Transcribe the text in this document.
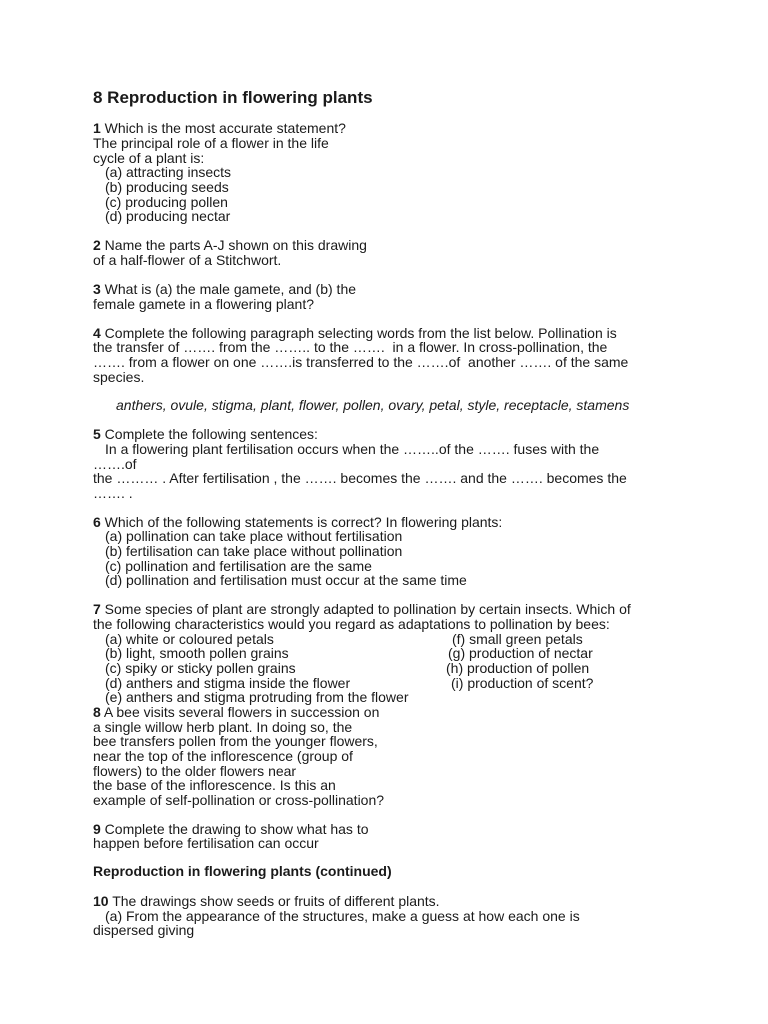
8 Reproduction in flowering plants
1 Which is the most accurate statement?
The principal role of a flower in the life
cycle of a plant is:
(a) attracting insects
(b) producing seeds
(c) producing pollen
(d) producing nectar
2 Name the parts A-J shown on this drawing
of a half-flower of a Stitchwort.
3 What is (a) the male gamete, and (b) the
female gamete in a flowering plant?
4 Complete the following paragraph selecting words from the list below. Pollination is
the transfer of ……. from the …….. to the …….  in a flower. In cross-pollination, the
……. from a flower on one …….is transferred to the …….of  another ……. of the same
species.
anthers, ovule, stigma, plant, flower, pollen, ovary, petal, style, receptacle, stamens
5 Complete the following sentences:
In a flowering plant fertilisation occurs when the ……..of the ……. fuses with the
…….of
the ……… . After fertilisation , the ……. becomes the ……. and the ……. becomes the
……. .
6 Which of the following statements is correct? In flowering plants:
(a) pollination can take place without fertilisation
(b) fertilisation can take place without pollination
(c) pollination and fertilisation are the same
(d) pollination and fertilisation must occur at the same time
7 Some species of plant are strongly adapted to pollination by certain insects. Which of
the following characteristics would you regard as adaptations to pollination by bees:
(a) white or coloured petals
(b) light, smooth pollen grains
(c) spiky or sticky pollen grains
(d) anthers and stigma inside the flower
(e) anthers and stigma protruding from the flower
(f) small green petals
(g) production of nectar
(h) production of pollen
(i) production of scent?
8 A bee visits several flowers in succession on
a single willow herb plant. In doing so, the
bee transfers pollen from the younger flowers,
near the top of the inflorescence (group of
flowers) to the older flowers near
the base of the inflorescence. Is this an
example of self-pollination or cross-pollination?
9 Complete the drawing to show what has to
happen before fertilisation can occur
Reproduction in flowering plants (continued)
10 The drawings show seeds or fruits of different plants.
(a) From the appearance of the structures, make a guess at how each one is
dispersed giving
